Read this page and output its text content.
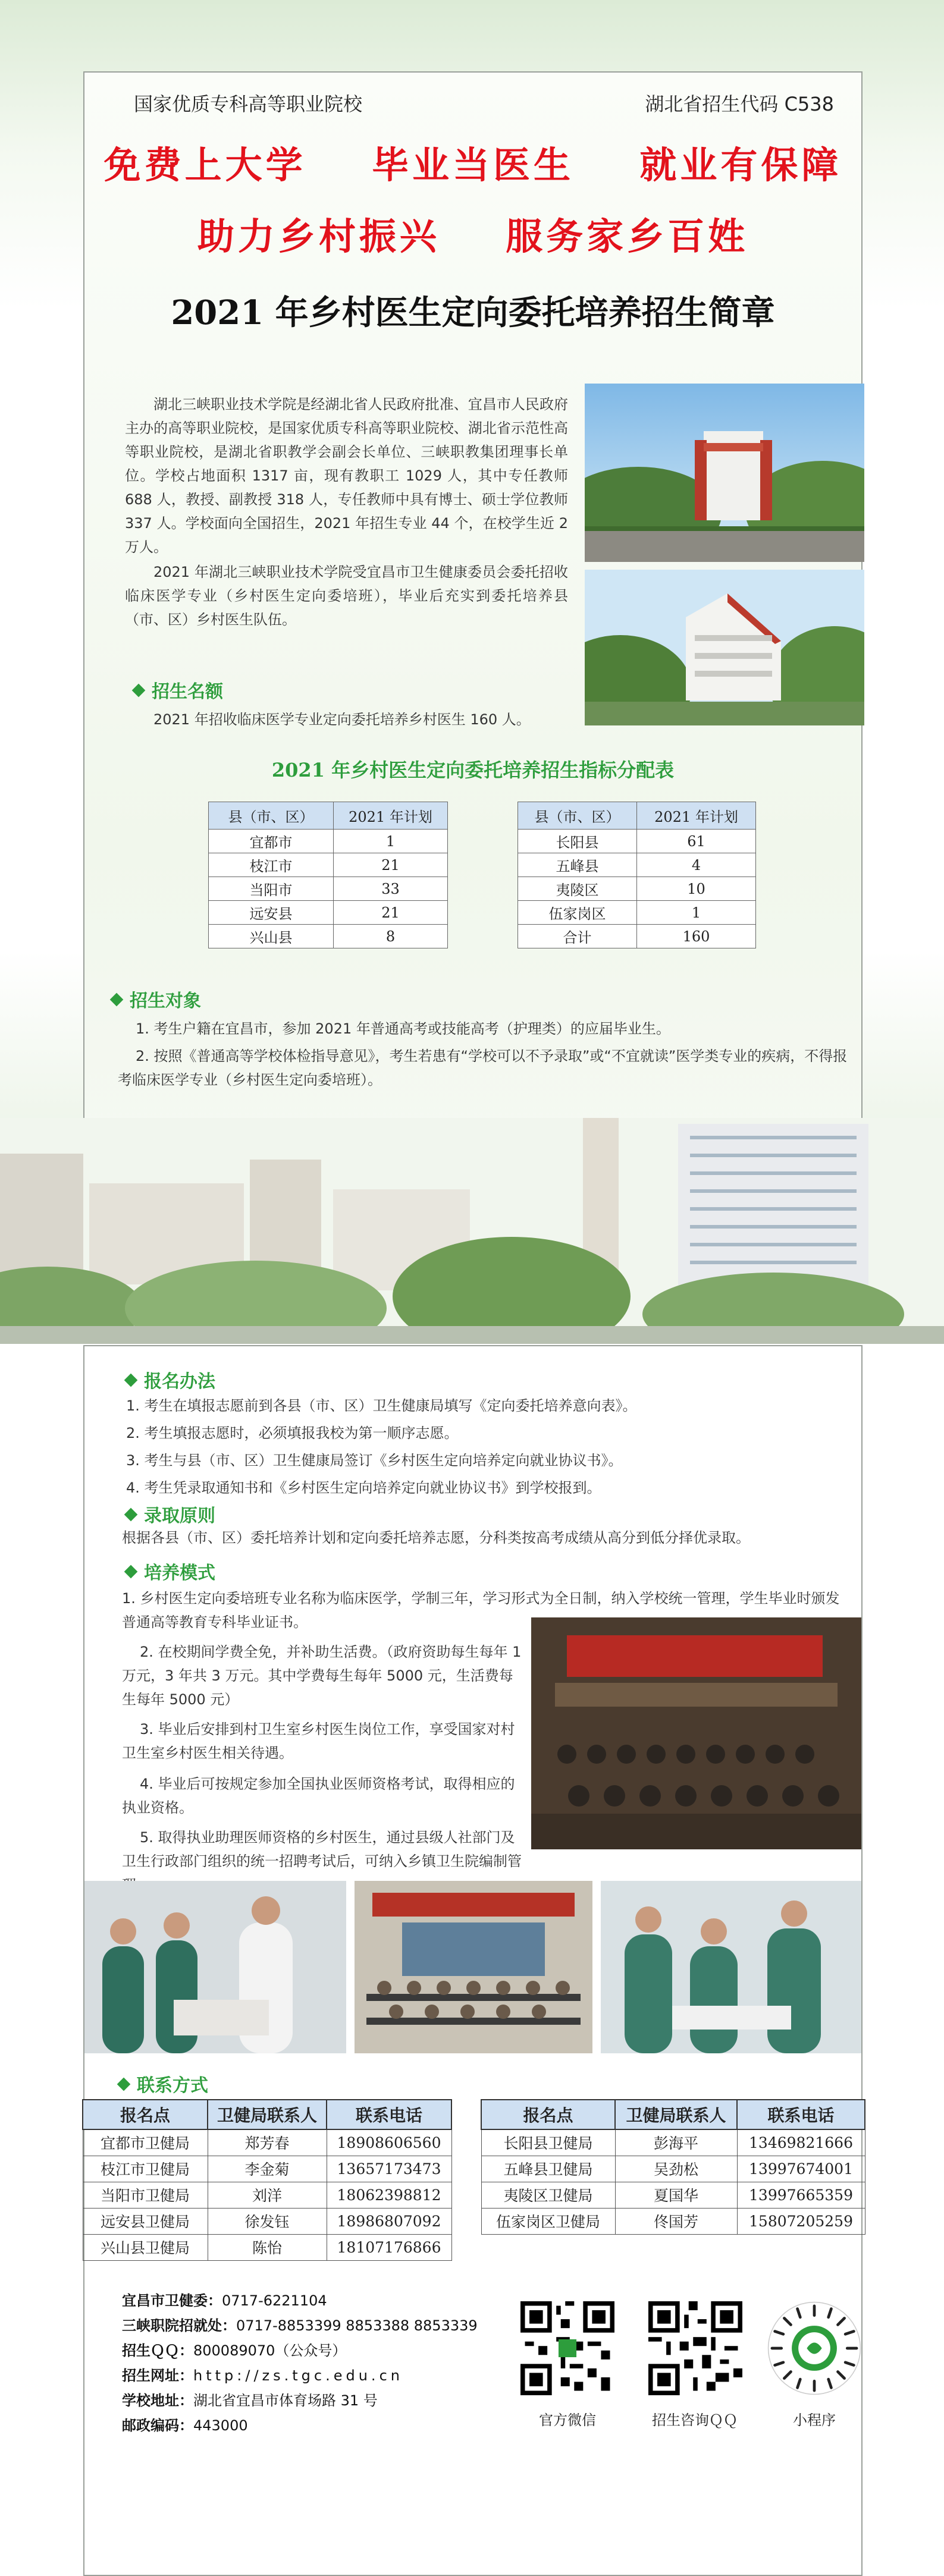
国家优质专科高等职业院校	湖北省招生代码 C538
免费上大学    毕业当医生    就业有保障
助力乡村振兴    服务家乡百姓
2021 年乡村医生定向委托培养招生简章

湖北三峡职业技术学院是经湖北省人民政府批准、宜昌市人民政府主办的高等职业院校，是国家优质专科高等职业院校、湖北省示范性高等职业院校，是湖北省职教学会副会长单位、三峡职教集团理事长单位。学校占地面积 1317 亩，现有教职工 1029 人，其中专任教师 688 人，教授、副教授 318 人，专任教师中具有博士、硕士学位教师 337 人。学校面向全国招生，2021 年招生专业 44 个，在校学生近 2 万人。

2021 年湖北三峡职业技术学院受宜昌市卫生健康委员会委托招收临床医学专业（乡村医生定向委培班），毕业后充实到委托培养县（市、区）乡村医生队伍。

招生名额
2021 年招收临床医学专业定向委托培养乡村医生 160 人。
2021 年乡村医生定向委托培养招生指标分配表
县（市、区）	2021 年计划
宜都市	1
枝江市	21
当阳市	33
远安县	21
兴山县	8
县（市、区）	2021 年计划
长阳县	61
五峰县	4
夷陵区	10
伍家岗区	1
合计	160
招生对象
1. 考生户籍在宜昌市，参加 2021 年普通高考或技能高考（护理类）的应届毕业生。
2. 按照《普通高等学校体检指导意见》，考生若患有“学校可以不予录取”或“不宜就读”医学类专业的疾病，不得报考临床医学专业（乡村医生定向委培班）。
报名办法
1. 考生在填报志愿前到各县（市、区）卫生健康局填写《定向委托培养意向表》。
2. 考生填报志愿时，必须填报我校为第一顺序志愿。
3. 考生与县（市、区）卫生健康局签订《乡村医生定向培养定向就业协议书》。
4. 考生凭录取通知书和《乡村医生定向培养定向就业协议书》到学校报到。
录取原则
根据各县（市、区）委托培养计划和定向委托培养志愿，分科类按高考成绩从高分到低分择优录取。
培养模式
1. 乡村医生定向委培班专业名称为临床医学，学制三年，学习形式为全日制，纳入学校统一管理，学生毕业时颁发普通高等教育专科毕业证书。
2. 在校期间学费全免，并补助生活费。（政府资助每生每年 1 万元，3 年共 3 万元。其中学费每生每年 5000 元，生活费每生每年 5000 元）
3. 毕业后安排到村卫生室乡村医生岗位工作，享受国家对村卫生室乡村医生相关待遇。
4. 毕业后可按规定参加全国执业医师资格考试，取得相应的执业资格。
5. 取得执业助理医师资格的乡村医生，通过县级人社部门及卫生行政部门组织的统一招聘考试后，可纳入乡镇卫生院编制管
联系方式
报名点	卫健局联系人	联系电话
宜都市卫健局	郑芳春	18908606560
枝江市卫健局	李金菊	13657173473
当阳市卫健局	刘洋	18062398812
远安县卫健局	徐发钰	18986807092
兴山县卫健局	陈怡	18107176866
报名点	卫健局联系人	联系电话
长阳县卫健局	彭海平	13469821666
五峰县卫健局	吴劲松	13997674001
夷陵区卫健局	夏国华	13997665359
伍家岗区卫健局	佟国芳	15807205259
宜昌市卫健委：0717-6221104
三峡职院招就处：0717-8853399 8853388 8853339
招生ＱＱ：800089070（公众号）
招生网址：http://zs.tgc.edu.cn
学校地址：湖北省宜昌市体育场路 31 号
邮政编码：443000	官方微信	招生咨询ＱＱ	小程序
